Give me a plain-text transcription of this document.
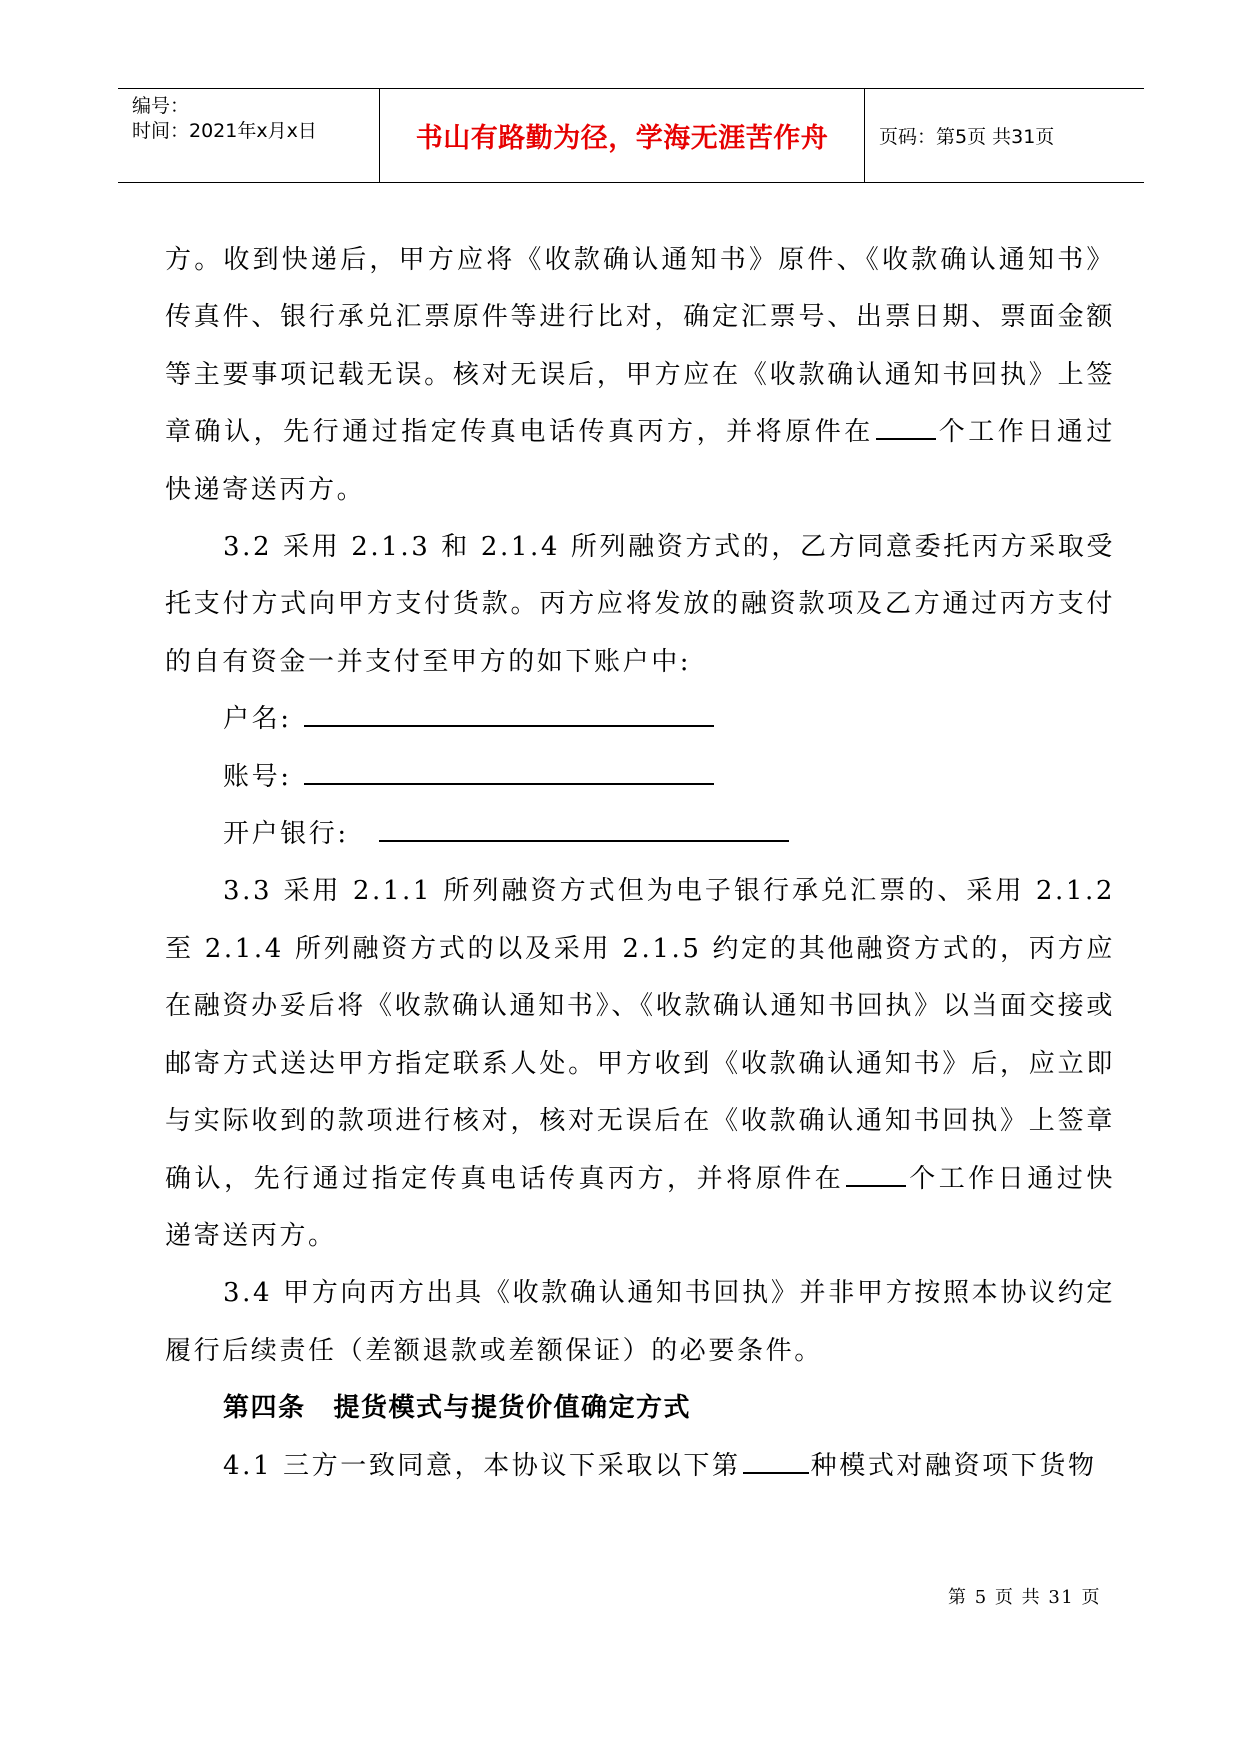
编号：
时间：2021年x月x日	书山有路勤为径，学海无涯苦作舟	页码：第5页 共31页

方。收到快递后，甲方应将《收款确认通知书》原件、《收款确认通知书》传真件、银行承兑汇票原件等进行比对，确定汇票号、出票日期、票面金额等主要事项记载无误。核对无误后，甲方应在《收款确认通知书回执》上签章确认，先行通过指定传真电话传真丙方，并将原件在 个工作日通过快递寄送丙方。

3.2 采用 2.1.3 和 2.1.4 所列融资方式的，乙方同意委托丙方采取受托支付方式向甲方支付货款。丙方应将发放的融资款项及乙方通过丙方支付的自有资金一并支付至甲方的如下账户中:

户名:

账号:

开户银行:

3.3 采用 2.1.1 所列融资方式但为电子银行承兑汇票的、采用 2.1.2 至 2.1.4 所列融资方式的以及采用 2.1.5 约定的其他融资方式的，丙方应在融资办妥后将《收款确认通知书》、《收款确认通知书回执》以当面交接或邮寄方式送达甲方指定联系人处。甲方收到《收款确认通知书》后，应立即与实际收到的款项进行核对，核对无误后在《收款确认通知书回执》上签章确认，先行通过指定传真电话传真丙方，并将原件在 个工作日通过快递寄送丙方。

3.4 甲方向丙方出具《收款确认通知书回执》并非甲方按照本协议约定履行后续责任（差额退款或差额保证）的必要条件。

第四条 提货模式与提货价值确定方式

4.1 三方一致同意，本协议下采取以下第	种模式对融资项下货物

第 5 页 共 31 页
